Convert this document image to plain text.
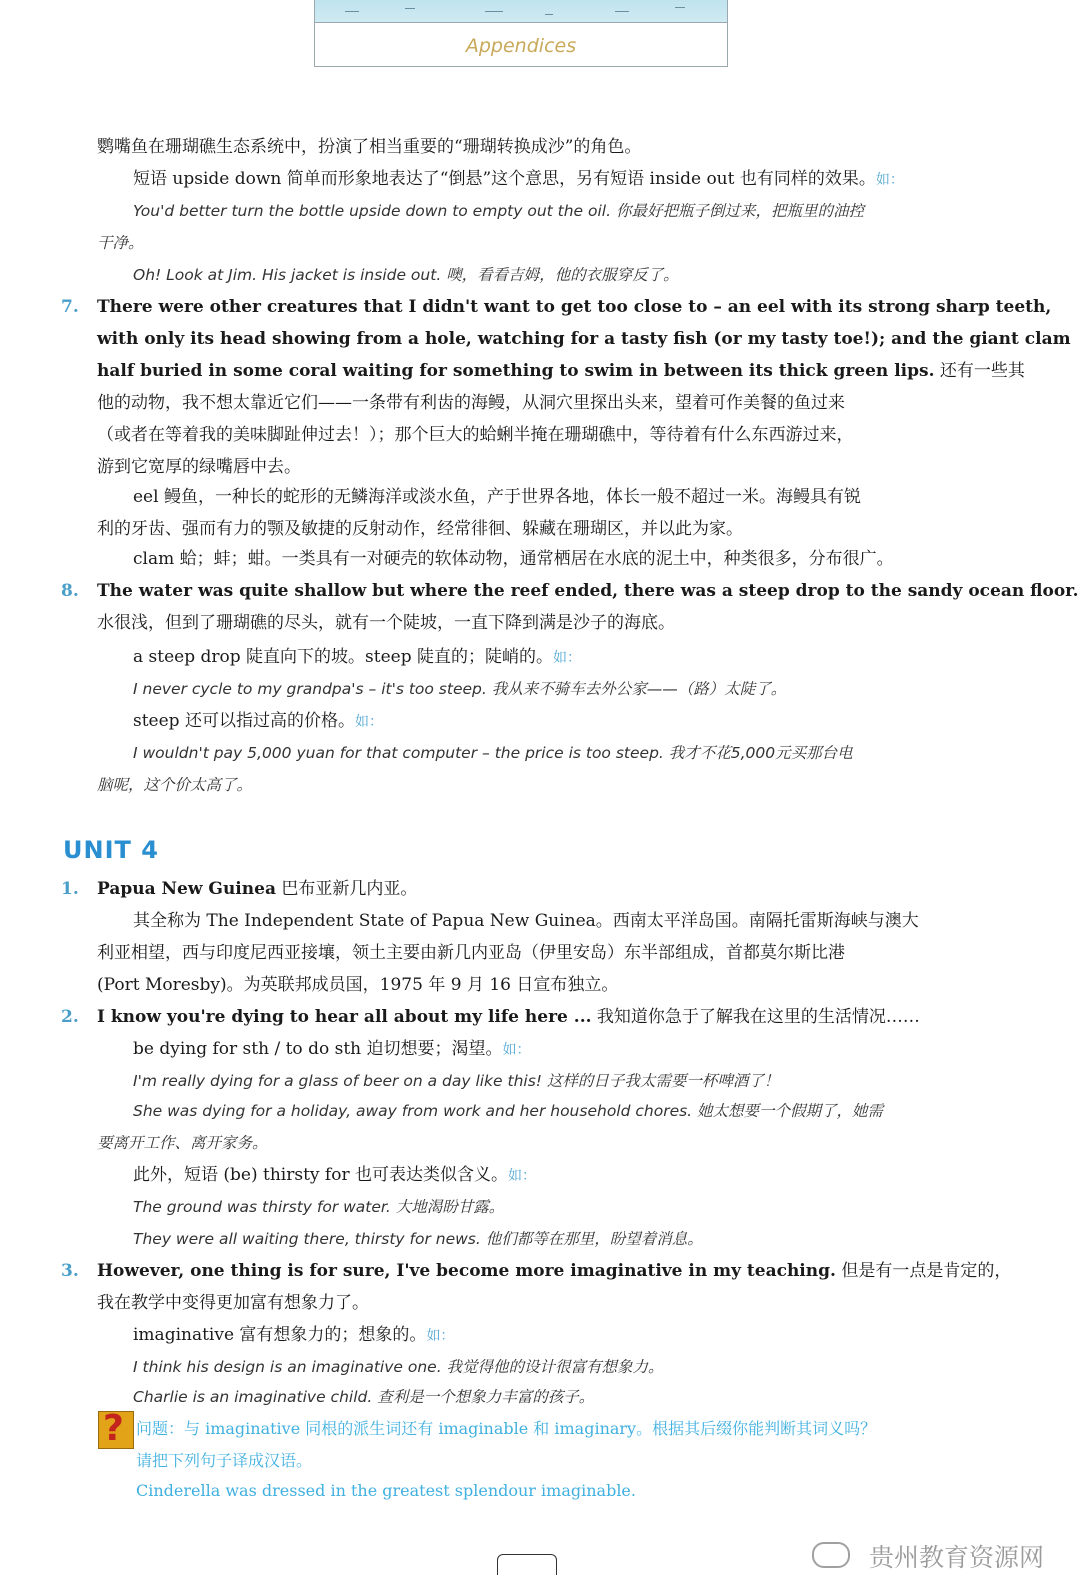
Appendices
鹦嘴鱼在珊瑚礁生态系统中，扮演了相当重要的“珊瑚转换成沙”的角色。
短语 upside down 简单而形象地表达了“倒悬”这个意思，另有短语 inside out 也有同样的效果。如：
You'd better turn the bottle upside down to empty out the oil. 你最好把瓶子倒过来，把瓶里的油控
干净。
Oh! Look at Jim. His jacket is inside out. 噢，看看吉姆，他的衣服穿反了。
7. There were other creatures that I didn't want to get too close to – an eel with its strong sharp teeth,
with only its head showing from a hole, watching for a tasty fish (or my tasty toe!); and the giant clam
half buried in some coral waiting for something to swim in between its thick green lips. 还有一些其
他的动物，我不想太靠近它们——一条带有利齿的海鳗，从洞穴里探出头来，望着可作美餐的鱼过来
（或者在等着我的美味脚趾伸过去！）；那个巨大的蛤蜊半掩在珊瑚礁中，等待着有什么东西游过来，
游到它宽厚的绿嘴唇中去。
eel 鳗鱼，一种长的蛇形的无鳞海洋或淡水鱼，产于世界各地，体长一般不超过一米。海鳗具有锐
利的牙齿、强而有力的颚及敏捷的反射动作，经常徘徊、躲藏在珊瑚区，并以此为家。
clam 蛤；蚌；蚶。一类具有一对硬壳的软体动物，通常栖居在水底的泥土中，种类很多，分布很广。
8. The water was quite shallow but where the reef ended, there was a steep drop to the sandy ocean floor.
水很浅，但到了珊瑚礁的尽头，就有一个陡坡，一直下降到满是沙子的海底。
a steep drop 陡直向下的坡。steep 陡直的；陡峭的。如：
I never cycle to my grandpa's – it's too steep. 我从来不骑车去外公家——（路）太陡了。
steep 还可以指过高的价格。如：
I wouldn't pay 5,000 yuan for that computer – the price is too steep. 我才不花5,000元买那台电
脑呢，这个价太高了。
UNIT 4
1. Papua New Guinea 巴布亚新几内亚。
其全称为 The Independent State of Papua New Guinea。西南太平洋岛国。南隔托雷斯海峡与澳大
利亚相望，西与印度尼西亚接壤，领土主要由新几内亚岛（伊里安岛）东半部组成，首都莫尔斯比港
(Port Moresby)。为英联邦成员国，1975 年 9 月 16 日宣布独立。
2. I know you're dying to hear all about my life here ... 我知道你急于了解我在这里的生活情况……
be dying for sth / to do sth 迫切想要；渴望。如：
I'm really dying for a glass of beer on a day like this! 这样的日子我太需要一杯啤酒了！
She was dying for a holiday, away from work and her household chores. 她太想要一个假期了，她需
要离开工作、离开家务。
此外，短语 (be) thirsty for 也可表达类似含义。如：
The ground was thirsty for water. 大地渴盼甘露。
They were all waiting there, thirsty for news. 他们都等在那里，盼望着消息。
3. However, one thing is for sure, I've become more imaginative in my teaching. 但是有一点是肯定的，
我在教学中变得更加富有想象力了。
imaginative 富有想象力的；想象的。如：
I think his design is an imaginative one. 我觉得他的设计很富有想象力。
Charlie is an imaginative child. 查利是一个想象力丰富的孩子。
? 问题：与 imaginative 同根的派生词还有 imaginable 和 imaginary。根据其后缀你能判断其词义吗？
请把下列句子译成汉语。
Cinderella was dressed in the greatest splendour imaginable.
贵州教育资源网
